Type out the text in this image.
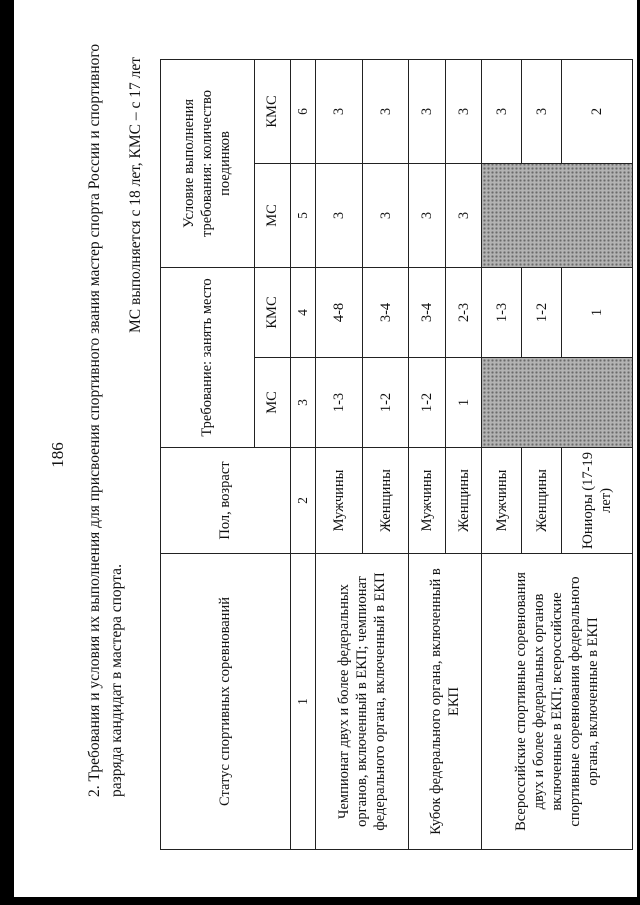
186 2. Требования и условия их выполнения для присвоения спортивного звания мастер спорта России и спортивного разряда кандидат в мастера спорта.
МС выполняется с 18 лет, КМС – с 17 лет
Статус спортивных соревнований	Пол, возраст	Требование: занять место		Условие выполнения требования: количество поединков	
		МС	КМС	МС	КМС
1	2	3	4	5	6
Чемпионат двух и более федеральных органов, включенный в ЕКП; чемпионат федерального органа, включенный в ЕКП	Мужчины	1-3	4-8	3	3
	Женщины	1-2	3-4	3	3
Кубок федерального органа, включенный в ЕКП	Мужчины	1-2	3-4	3	3
	Женщины	1	2-3	3	3
Всероссийские спортивные соревнования двух и более федеральных органов включенные в ЕКП; всероссийские спортивные соревнования федерального органа, включенные в ЕКП	Мужчины		1-3		3
	Женщины		1-2		3
	Юниоры (17-19 лет)		1		2
